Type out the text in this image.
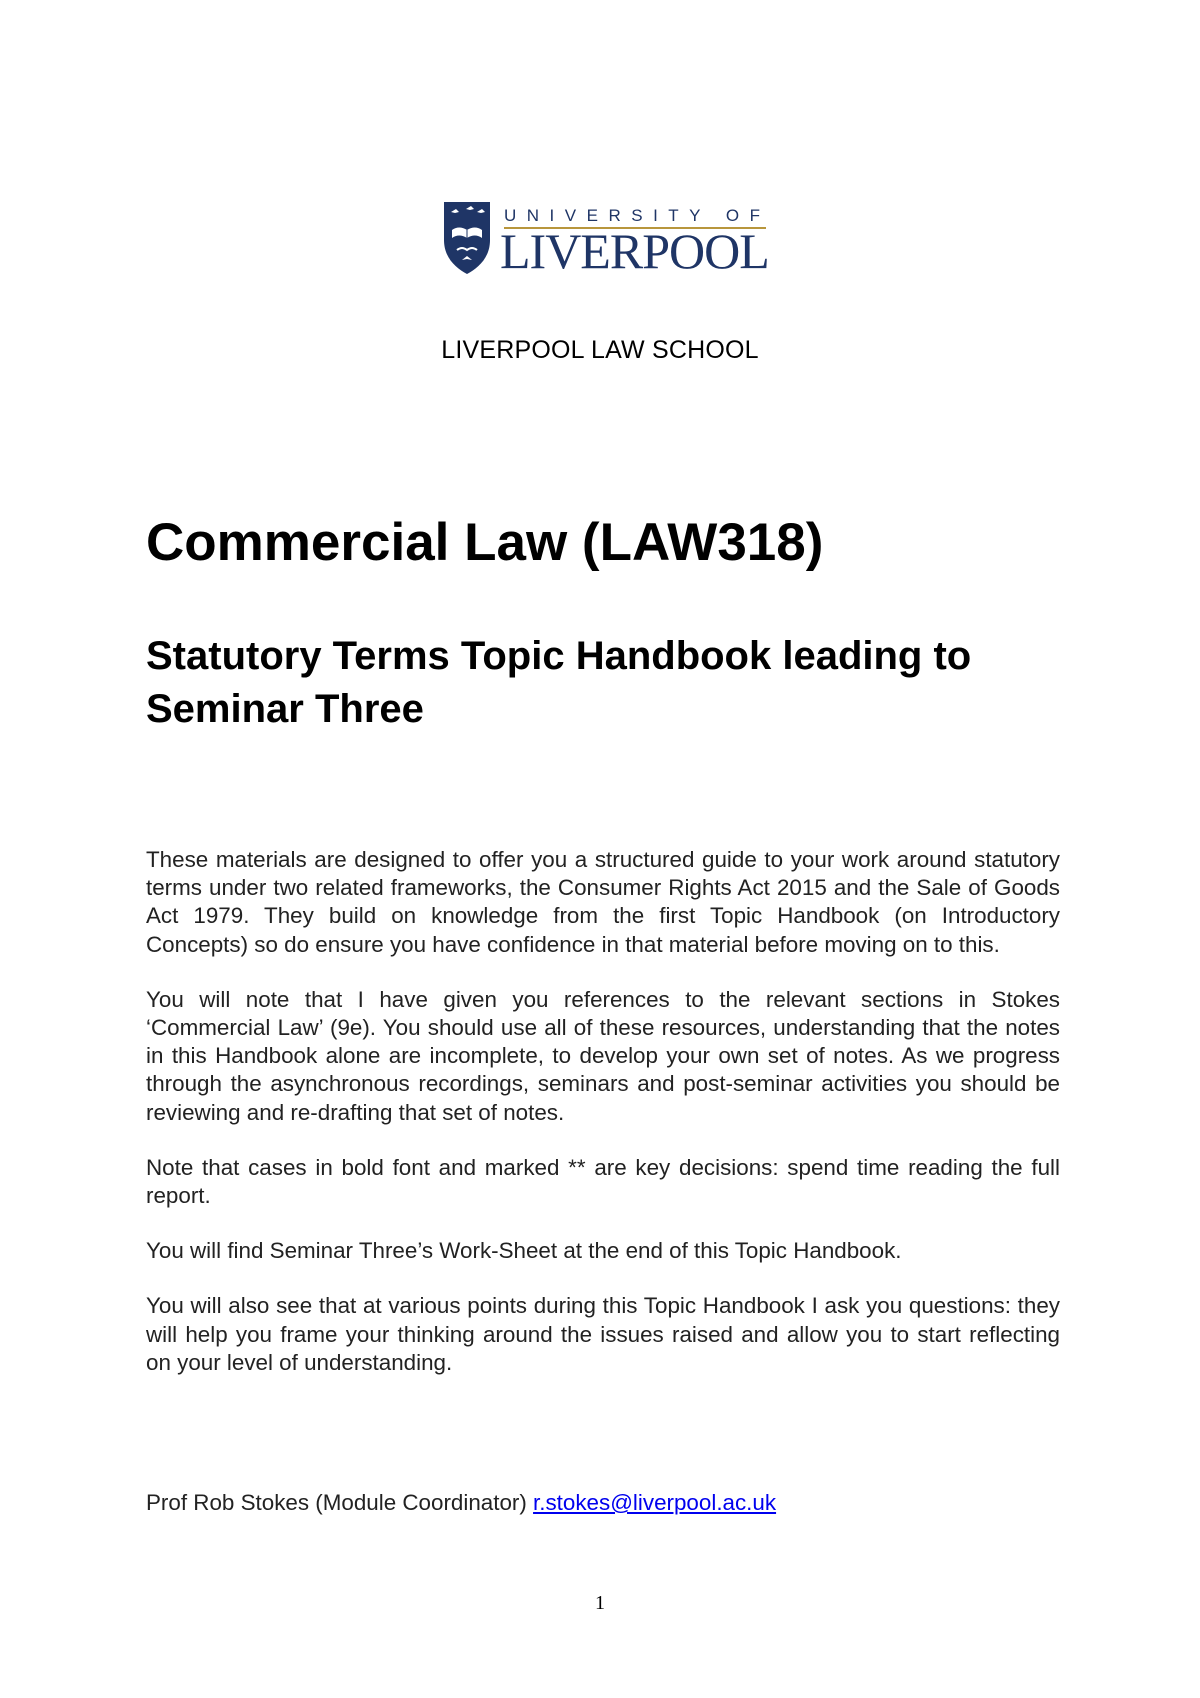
UNIVERSITY OF
LIVERPOOL
LIVERPOOL LAW SCHOOL
Commercial Law (LAW318)
Statutory Terms Topic Handbook leading to Seminar Three

These materials are designed to offer you a structured guide to your work around statutory terms under two related frameworks, the Consumer Rights Act 2015 and the Sale of Goods Act 1979. They build on knowledge from the first Topic Handbook (on Introductory Concepts) so do ensure you have confidence in that material before moving on to this.

You will note that I have given you references to the relevant sections in Stokes ‘Commercial Law’ (9e). You should use all of these resources, understanding that the notes in this Handbook alone are incomplete, to develop your own set of notes. As we progress through the asynchronous recordings, seminars and post-seminar activities you should be reviewing and re-drafting that set of notes.

Note that cases in bold font and marked ** are key decisions: spend time reading the full report.

You will find Seminar Three’s Work-Sheet at the end of this Topic Handbook.

You will also see that at various points during this Topic Handbook I ask you questions: they will help you frame your thinking around the issues raised and allow you to start reflecting on your level of understanding.

Prof Rob Stokes (Module Coordinator) r.stokes@liverpool.ac.uk
1
